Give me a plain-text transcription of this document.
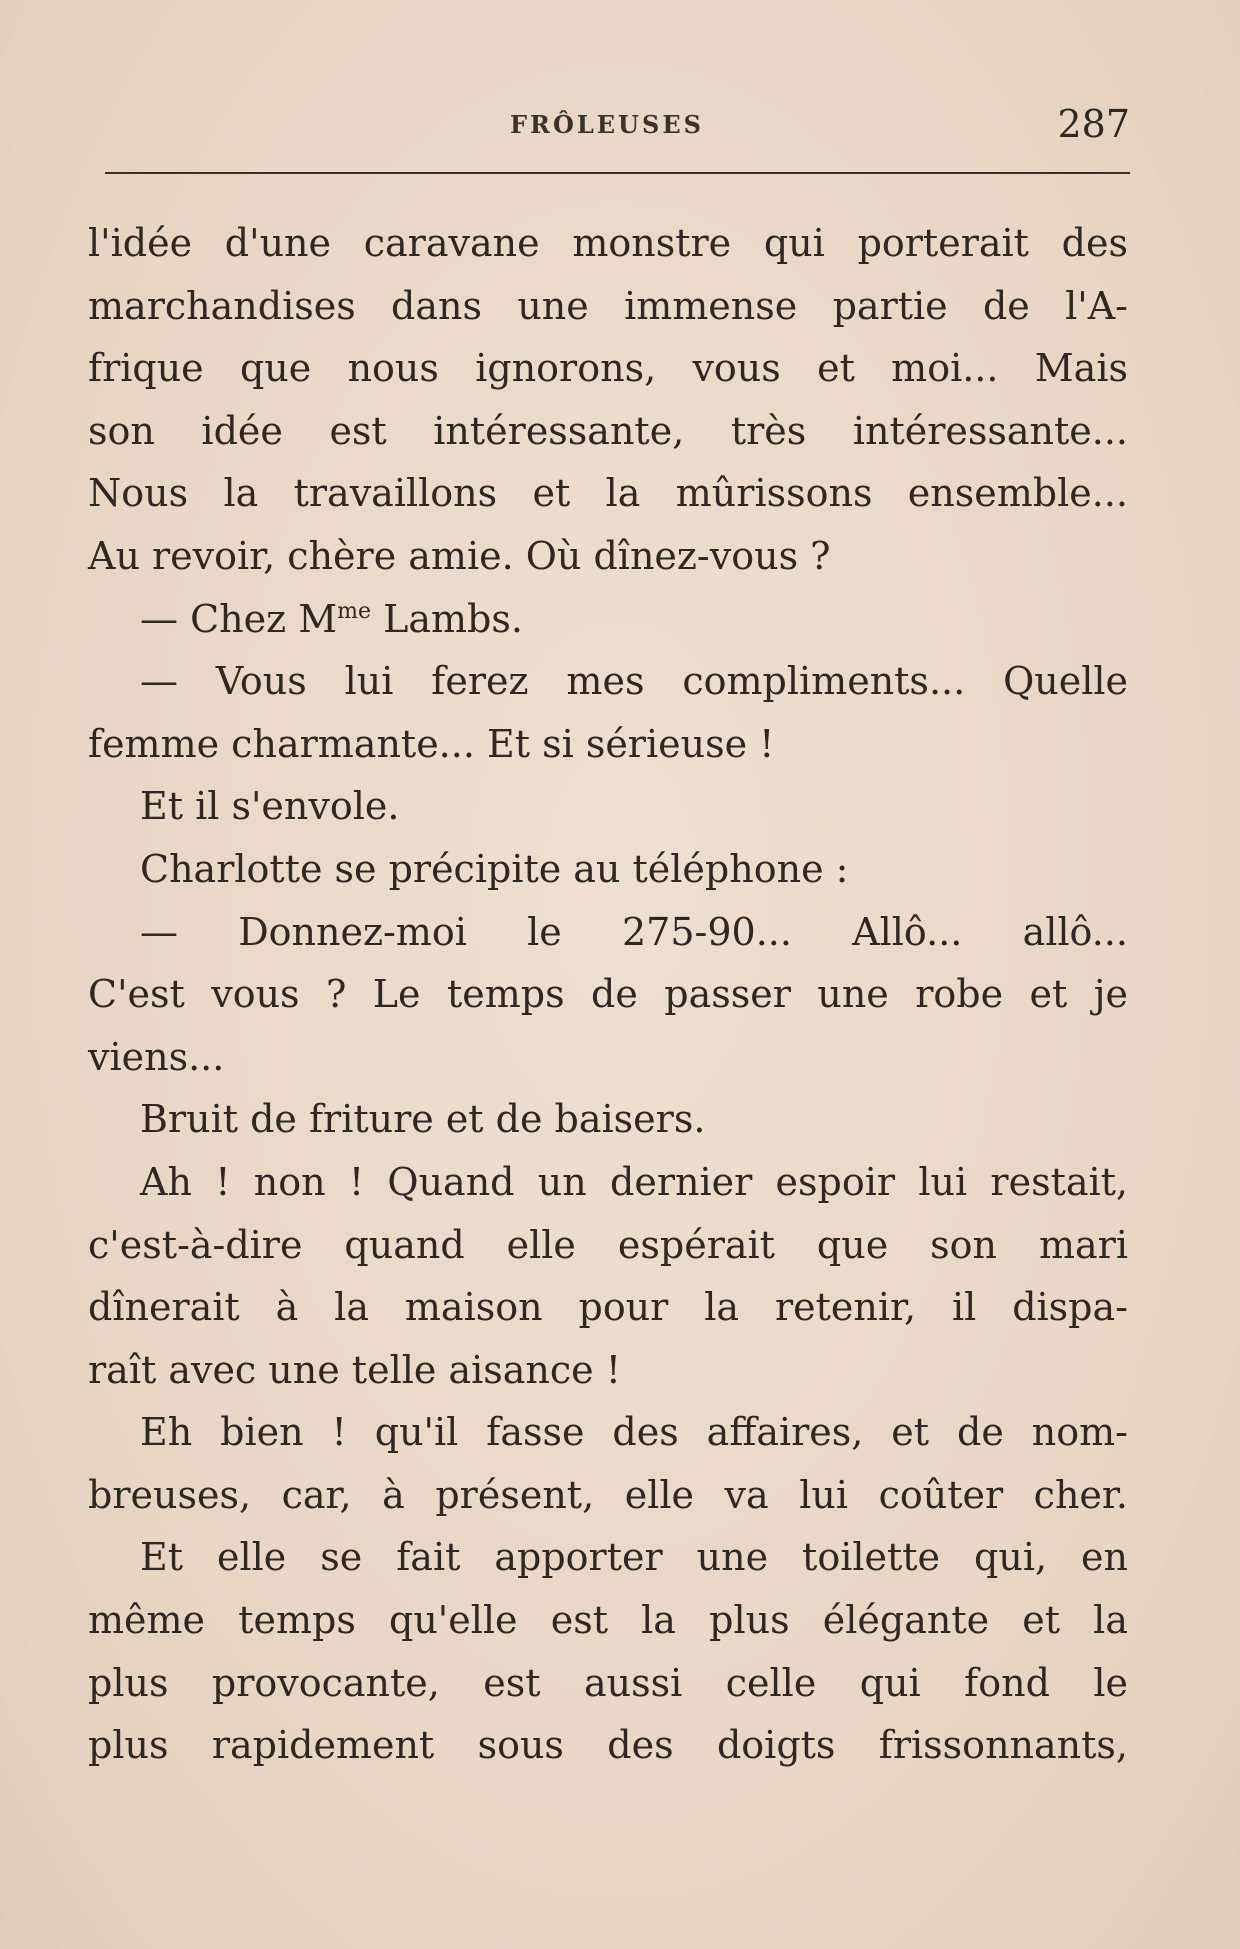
FRÔLEUSES	287
l'idée d'une caravane monstre qui porterait des
marchandises dans une immense partie de l'A-
frique que nous ignorons, vous et moi... Mais
son idée est intéressante, très intéressante...
Nous la travaillons et la mûrissons ensemble...
Au revoir, chère amie. Où dînez-vous ?
— Chez $M^{me}$ Lambs.
— Vous lui ferez mes compliments... Quelle
femme charmante... Et si sérieuse !
Et il s'envole.
Charlotte se précipite au téléphone :
— Donnez-moi le 275-90... Allô... allô...
C'est vous ? Le temps de passer une robe et je
viens...
Bruit de friture et de baisers.
Ah ! non ! Quand un dernier espoir lui restait,
c'est-à-dire quand elle espérait que son mari
dînerait à la maison pour la retenir, il dispa-
raît avec une telle aisance !
Eh bien ! qu'il fasse des affaires, et de nom-
breuses, car, à présent, elle va lui coûter cher.
Et elle se fait apporter une toilette qui, en
même temps qu'elle est la plus élégante et la
plus provocante, est aussi celle qui fond le
plus rapidement sous des doigts frissonnants,
